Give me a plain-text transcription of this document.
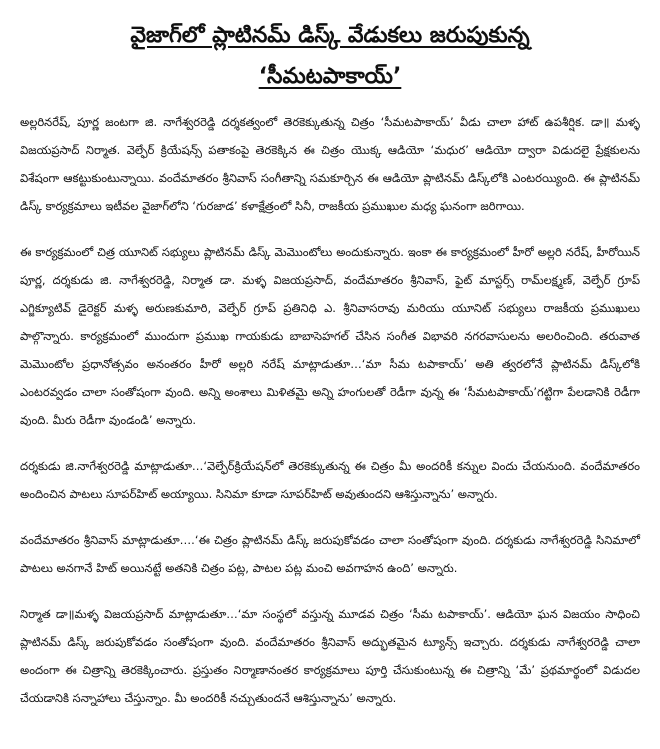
వైజాగ్‌లో ప్లాటినమ్ డిస్క్ వేడుకలు జరుపుకున్న
‘సీమటపాకాయ్’

అల్లరినరేష్, పూర్ణ జంటగా జి. నాగేశ్వరరెడ్డి దర్శకత్వంలో తెరకెక్కుతున్న చిత్రం ‘సీమటపాకాయ్’ వీడు చాలా హాట్ ఉపశీర్షిక. డా॥ మళ్ళ విజయప్రసాద్ నిర్మాత. వెల్ఫేర్ క్రియేషన్స్ పతాకంపై తెరకెక్కిన ఈ చిత్రం యొక్క ఆడియో ‘మధుర’ ఆడియో ద్వారా విడుదలై ప్రేక్షకులను విశేషంగా ఆకట్టుకుంటున్నాయి. వందేమాతరం శ్రీనివాస్ సంగీతాన్ని సమకూర్చిన ఈ ఆడియో ప్లాటినమ్ డిస్క్‌లోకి ఎంటరయ్యింది. ఈ ప్లాటినమ్ డిస్క్ కార్యక్రమాలు ఇటీవల వైజాగ్‌లోని ‘గురజాడ’ కళాక్షేత్రంలో సినీ, రాజకీయ ప్రముఖుల మధ్య ఘనంగా జరిగాయి.

ఈ కార్యక్రమంలో చిత్ర యూనిట్ సభ్యులు ప్లాటినమ్ డిస్క్ మెమొంటోలు అందుకున్నారు. ఇంకా ఈ కార్యక్రమంలో హీరో అల్లరి నరేష్, హీరోయిన్ పూర్ణ, దర్శకుడు జి. నాగేశ్వరరెడ్డి, నిర్మాత డా. మళ్ళ విజయప్రసాద్, వందేమాతరం శ్రీనివాస్, ఫైట్ మాస్టర్స్ రామ్‌లక్ష్మణ్, వెల్ఫేర్ గ్రూప్ ఎగ్జిక్యూటివ్ డైరెక్టర్ మళ్ళ అరుణకుమారి, వెల్ఫేర్ గ్రూప్ ప్రతినిధి ఎ. శ్రీనివాసరావు మరియు యూనిట్ సభ్యులు రాజకీయ ప్రముఖులు పాల్గొన్నారు. కార్యక్రమంలో ముందుగా ప్రముఖ గాయకుడు బాబాసెహగల్ చేసిన సంగీత విభావరి నగరవాసులను అలరించింది. తరువాత మెమొంటోల ప్రధానోత్సవం అనంతరం హీరో అల్లరి నరేష్ మాట్లాడుతూ…‘మా సీమ టపాకాయ్’ అతి త్వరలోనే ప్లాటినమ్ డిస్క్‌లోకి ఎంటరవ్వడం చాలా సంతోషంగా వుంది. అన్ని అంశాలు మిళితమై అన్ని హంగులతో రెడీగా వున్న ఈ ‘సీమటపాకాయ్’గట్టిగా పేలడానికి రెడీగా వుంది. మీరు రెడీగా వుండండి’ అన్నారు.

దర్శకుడు జి.నాగేశ్వరరెడ్డి మాట్లాడుతూ…‘వెల్ఫేర్‌క్రియేషన్‌లో తెరకెక్కుతున్న ఈ చిత్రం మీ అందరికీ కన్నుల విందు చేయనుంది. వందేమాతరం అందించిన పాటలు సూపర్‌హిట్ అయ్యాయి. సినిమా కూడా సూపర్‌హిట్ అవుతుందని ఆశిస్తున్నాను’ అన్నారు.

వందేమాతరం శ్రీనివాస్ మాట్లాడుతూ….‘ఈ చిత్రం ప్లాటినమ్ డిస్క్ జరుపుకోవడం చాలా సంతోషంగా వుంది. దర్శకుడు నాగేశ్వరరెడ్డి సినిమాలో పాటలు అనగానే హిట్ అయినట్టే అతనికి చిత్రం పట్ల, పాటల పట్ల మంచి అవగాహన ఉంది’ అన్నారు.

నిర్మాత డా॥మళ్ళ విజయప్రసాద్ మాట్లాడుతూ…‘మా సంస్థలో వస్తున్న మూడవ చిత్రం ‘సీమ టపాకాయ్’. ఆడియో ఘన విజయం సాధించి ప్లాటినమ్ డిస్క్ జరుపుకోవడం సంతోషంగా వుంది. వందేమాతరం శ్రీనివాస్ అద్భుతమైన ట్యూన్స్ ఇచ్చారు. దర్శకుడు నాగేశ్వరరెడ్డి చాలా అందంగా ఈ చిత్రాన్ని తెరకెక్కించారు. ప్రస్తుతం నిర్మాణానంతర కార్యక్రమాలు పూర్తి చేసుకుంటున్న ఈ చిత్రాన్ని ‘మే’ ప్రథమార్థంలో విడుదల చేయడానికి సన్నాహాలు చేస్తున్నాం. మీ అందరికీ నచ్చుతుందనే ఆశిస్తున్నాను’ అన్నారు.
